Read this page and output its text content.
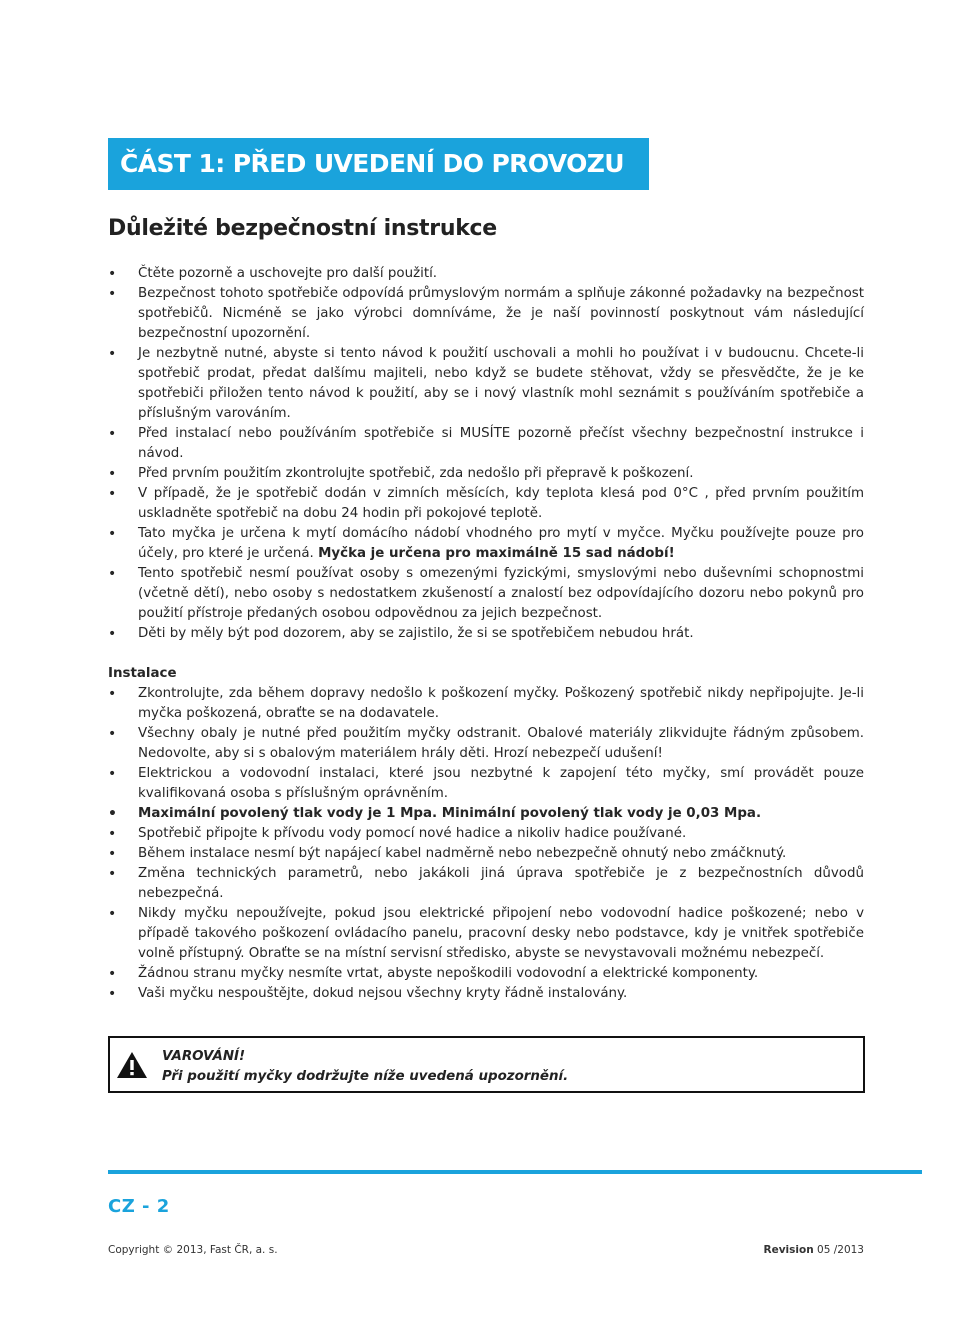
ČÁST 1: PŘED UVEDENÍ DO PROVOZU
Důležité bezpečnostní instrukce
• Čtěte pozorně a uschovejte pro další použití.
• Bezpečnost tohoto spotřebiče odpovídá průmyslovým normám a splňuje zákonné požadavky na bezpečnost spotřebičů. Nicméně se jako výrobci domníváme, že je naší povinností poskytnout vám následující bezpečnostní upozornění.
• Je nezbytně nutné, abyste si tento návod k použití uschovali a mohli ho používat i v budoucnu. Chcete-li spotřebič prodat, předat dalšímu majiteli, nebo když se budete stěhovat, vždy se přesvědčte, že je ke spotřebiči přiložen tento návod k použití, aby se i nový vlastník mohl seznámit s používáním spotřebiče a příslušným varováním.
• Před instalací nebo používáním spotřebiče si MUSÍTE pozorně přečíst všechny bezpečnostní instrukce i návod.
• Před prvním použitím zkontrolujte spotřebič, zda nedošlo při přepravě k poškození.
• V případě, že je spotřebič dodán v zimních měsících, kdy teplota klesá pod 0°C , před prvním použitím uskladněte spotřebič na dobu 24 hodin při pokojové teplotě.
• Tato myčka je určena k mytí domácího nádobí vhodného pro mytí v myčce. Myčku používejte pouze pro účely, pro které je určená. Myčka je určena pro maximálně 15 sad nádobí!
• Tento spotřebič nesmí používat osoby s omezenými fyzickými, smyslovými nebo duševními schopnostmi (včetně dětí), nebo osoby s nedostatkem zkušeností a znalostí bez odpovídajícího dozoru nebo pokynů pro použití přístroje předaných osobou odpovědnou za jejich bezpečnost.
• Děti by měly být pod dozorem, aby se zajistilo, že si se spotřebičem nebudou hrát.
Instalace
• Zkontrolujte, zda během dopravy nedošlo k poškození myčky. Poškozený spotřebič nikdy nepřipojujte. Je-li myčka poškozená, obraťte se na dodavatele.
• Všechny obaly je nutné před použitím myčky odstranit. Obalové materiály zlikvidujte řádným způsobem. Nedovolte, aby si s obalovým materiálem hrály děti. Hrozí nebezpečí udušení!
• Elektrickou a vodovodní instalaci, které jsou nezbytné k zapojení této myčky, smí provádět pouze kvalifikovaná osoba s příslušným oprávněním.
• Maximální povolený tlak vody je 1 Mpa. Minimální povolený tlak vody je 0,03 Mpa.
• Spotřebič připojte k přívodu vody pomocí nové hadice a nikoliv hadice používané.
• Během instalace nesmí být napájecí kabel nadměrně nebo nebezpečně ohnutý nebo zmáčknutý.
• Změna technických parametrů, nebo jakákoli jiná úprava spotřebiče je z bezpečnostních důvodů nebezpečná.
• Nikdy myčku nepoužívejte, pokud jsou elektrické připojení nebo vodovodní hadice poškozené; nebo v případě takového poškození ovládacího panelu, pracovní desky nebo podstavce, kdy je vnitřek spotřebiče volně přístupný. Obraťte se na místní servisní středisko, abyste se nevystavovali možnému nebezpečí.
• Žádnou stranu myčky nesmíte vrtat, abyste nepoškodili vodovodní a elektrické komponenty.
• Vaši myčku nespouštějte, dokud nejsou všechny kryty řádně instalovány.
VAROVÁNÍ!
Při použití myčky dodržujte níže uvedená upozornění.
CZ - 2
Copyright © 2013, Fast ČR, a. s.	Revision 05 /2013
